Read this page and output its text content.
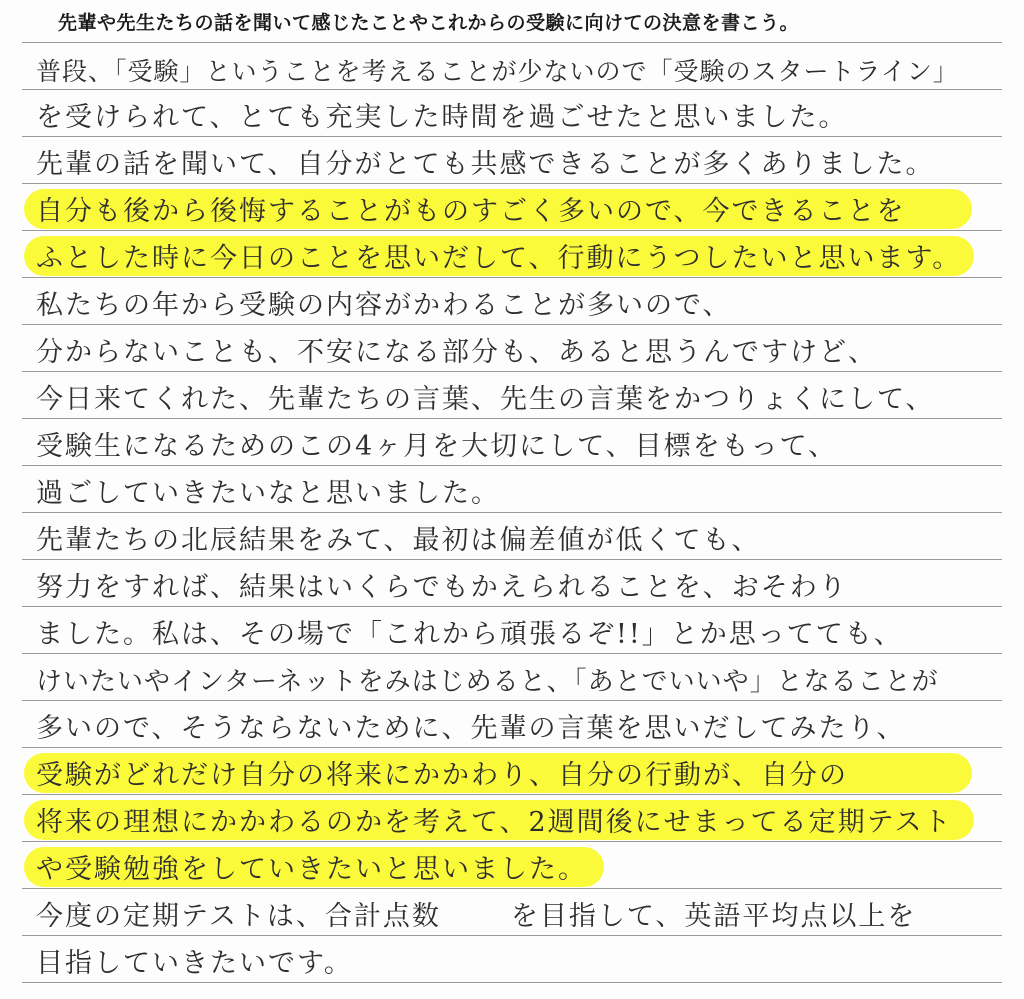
先輩や先生たちの話を聞いて感じたことやこれからの受験に向けての決意を書こう。
普段、「受験」ということを考えることが少ないので「受験のスタートライン」
を受けられて、とても充実した時間を過ごせたと思いました。
先輩の話を聞いて、自分がとても共感できることが多くありました。
自分も後から後悔することがものすごく多いので、今できることを
ふとした時に今日のことを思いだして、行動にうつしたいと思います。
私たちの年から受験の内容がかわることが多いので、
分からないことも、不安になる部分も、あると思うんですけど、
今日来てくれた、先輩たちの言葉、先生の言葉をかつりょくにして、
受験生になるためのこの4ヶ月を大切にして、目標をもって、
過ごしていきたいなと思いました。
先輩たちの北辰結果をみて、最初は偏差値が低くても、
努力をすれば、結果はいくらでもかえられることを、おそわり
ました。私は、その場で「これから頑張るぞ!!」とか思ってても、
けいたいやインターネットをみはじめると、「あとでいいや」となることが
多いので、そうならないために、先輩の言葉を思いだしてみたり、
受験がどれだけ自分の将来にかかわり、自分の行動が、自分の
将来の理想にかかわるのかを考えて、2週間後にせまってる定期テスト
や受験勉強をしていきたいと思いました。
今度の定期テストは、合計点数	を目指して、英語平均点以上を
目指していきたいです。
